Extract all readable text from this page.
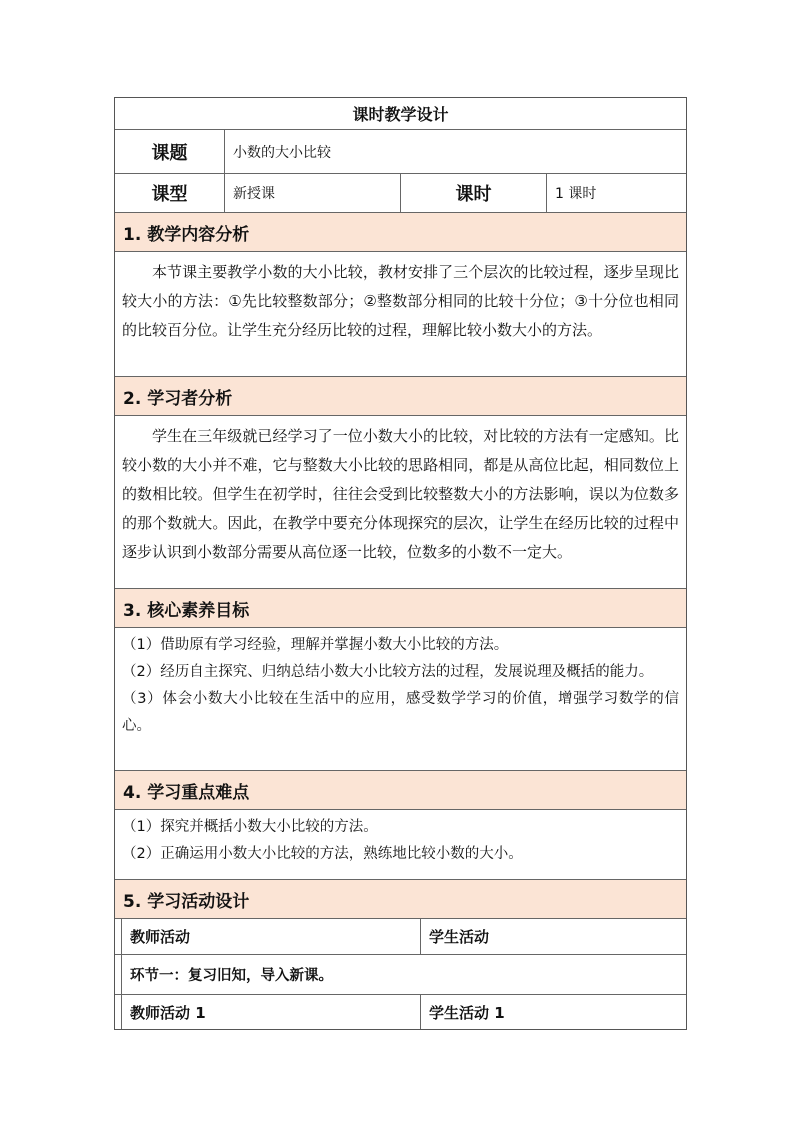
课时教学设计
课题	小数的大小比较
课型	新授课	课时	1 课时
1. 教学内容分析
本节课主要教学小数的大小比较，教材安排了三个层次的比较过程，逐步呈现比较大小的方法：①先比较整数部分；②整数部分相同的比较十分位；③十分位也相同的比较百分位。让学生充分经历比较的过程，理解比较小数大小的方法。
2. 学习者分析
学生在三年级就已经学习了一位小数大小的比较，对比较的方法有一定感知。比较小数的大小并不难，它与整数大小比较的思路相同，都是从高位比起，相同数位上的数相比较。但学生在初学时，往往会受到比较整数大小的方法影响，误以为位数多的那个数就大。因此，在教学中要充分体现探究的层次，让学生在经历比较的过程中逐步认识到小数部分需要从高位逐一比较，位数多的小数不一定大。
3. 核心素养目标
（1）借助原有学习经验，理解并掌握小数大小比较的方法。
（2）经历自主探究、归纳总结小数大小比较方法的过程，发展说理及概括的能力。
（3）体会小数大小比较在生活中的应用，感受数学学习的价值，增强学习数学的信心。
4. 学习重点难点
（1）探究并概括小数大小比较的方法。
（2）正确运用小数大小比较的方法，熟练地比较小数的大小。
5. 学习活动设计
教师活动	学生活动
环节一：复习旧知，导入新课。
教师活动 1	学生活动 1
